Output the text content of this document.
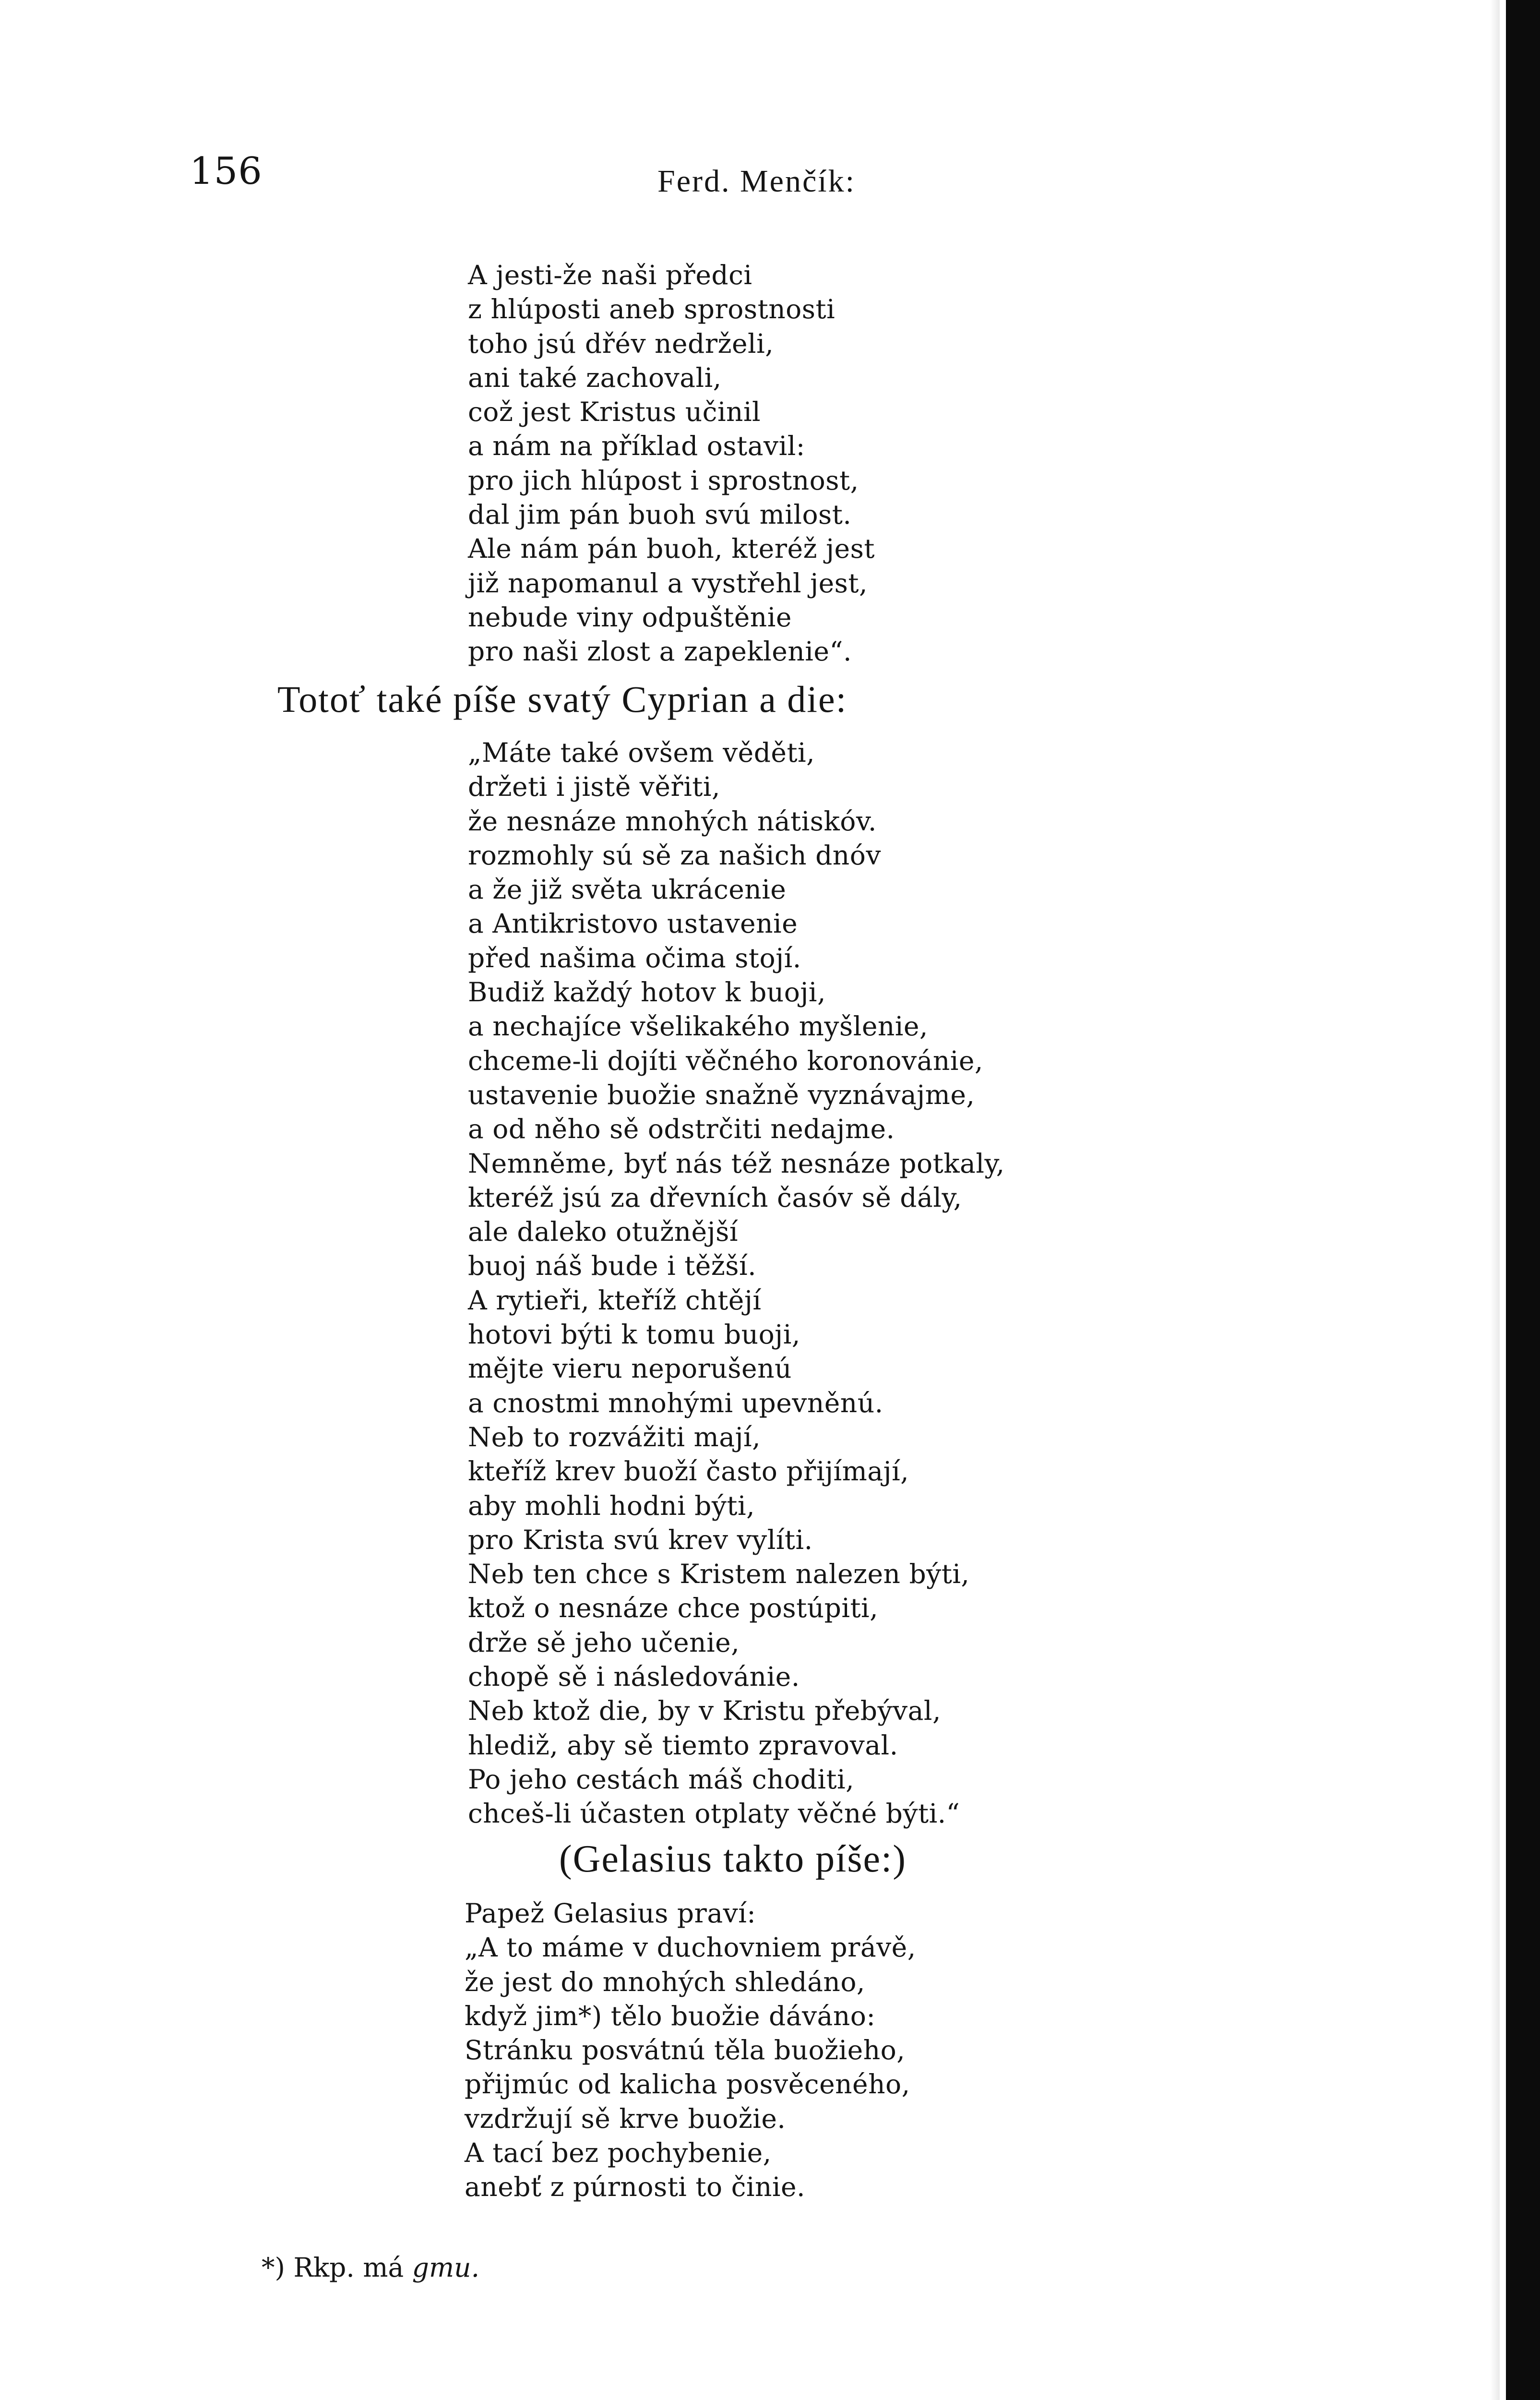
156	Ferd. Menčík:
A jesti-že naši předci
z hlúposti aneb sprostnosti
toho jsú dřév nedrželi,
ani také zachovali,
což jest Kristus učinil
a nám na příklad ostavil:
pro jich hlúpost i sprostnost,
dal jim pán buoh svú milost.
Ale nám pán buoh, kteréž jest
již napomanul a vystřehl jest,
nebude viny odpuštěnie
pro naši zlost a zapeklenie“.
Totoť také píše svatý Cyprian a die:
„Máte také ovšem věděti,
držeti i jistě věřiti,
že nesnáze mnohých nátiskóv.
rozmohly sú sě za našich dnóv
a že již světa ukrácenie
a Antikristovo ustavenie
před našima očima stojí.
Budiž každý hotov k buoji,
a nechajíce všelikakého myšlenie,
chceme-li dojíti věčného koronovánie,
ustavenie buožie snažně vyznávajme,
a od něho sě odstrčiti nedajme.
Nemněme, byť nás též nesnáze potkaly,
kteréž jsú za dřevních časóv sě dály,
ale daleko otužnější
buoj náš bude i těžší.
A rytieři, kteříž chtějí
hotovi býti k tomu buoji,
mějte vieru neporušenú
a cnostmi mnohými upevněnú.
Neb to rozvážiti mají,
kteříž krev buoží často přijímají,
aby mohli hodni býti,
pro Krista svú krev vylíti.
Neb ten chce s Kristem nalezen býti,
ktož o nesnáze chce postúpiti,
drže sě jeho učenie,
chopě sě i následovánie.
Neb ktož die, by v Kristu přebýval,
hlediž, aby sě tiemto zpravoval.
Po jeho cestách máš choditi,
chceš-li účasten otplaty věčné býti.“
(Gelasius takto píše:)
Papež Gelasius praví:
„A to máme v duchovniem právě,
že jest do mnohých shledáno,
když jim*) tělo buožie dáváno:
Stránku posvátnú těla buožieho,
přijmúc od kalicha posvěceného,
vzdržují sě krve buožie.
A tací bez pochybenie,
anebť z púrnosti to činie.
*) Rkp. má gmu.
